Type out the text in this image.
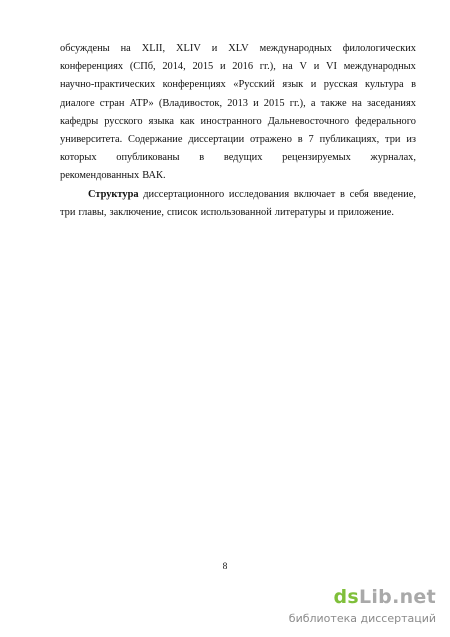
обсуждены на XLII, XLIV и XLV международных филологических
конференциях (СПб, 2014, 2015 и 2016 гг.), на V и VI международных
научно-практических конференциях «Русский язык и русская культура в
диалоге стран АТР» (Владивосток, 2013 и 2015 гг.), а также на заседаниях
кафедры русского языка как иностранного Дальневосточного федерального
университета. Содержание диссертации отражено в 7 публикациях, три из
которых опубликованы в ведущих рецензируемых журналах,
рекомендованных ВАК.
Структура диссертационного исследования включает в себя введение,
три главы, заключение, список использованной литературы и приложение.
8
dsLib.net
библиотека диссертаций
